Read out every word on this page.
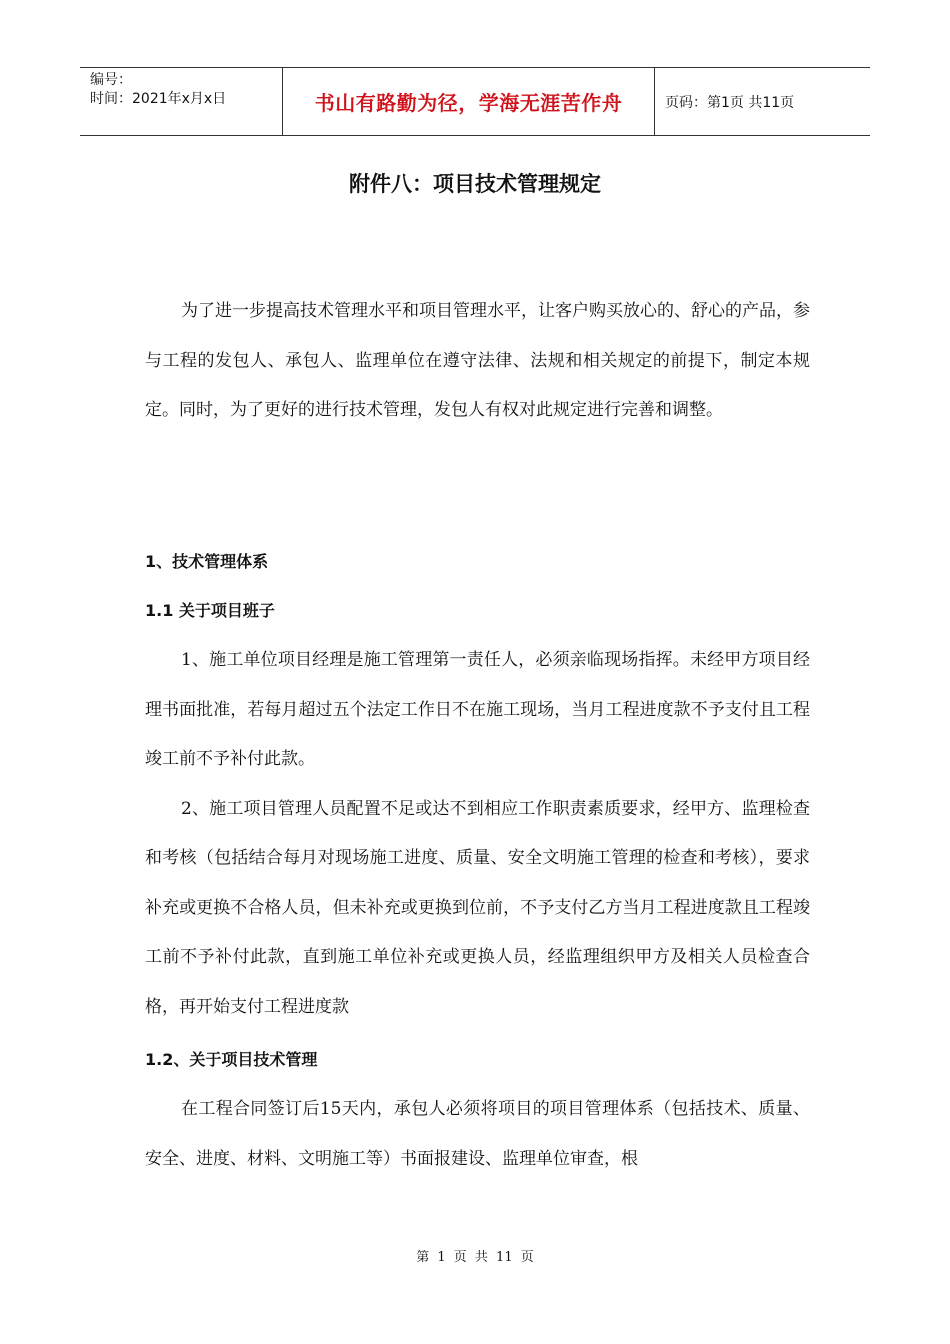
编号：
时间：2021年x月x日	书山有路勤为径，学海无涯苦作舟	页码：第1页 共11页
附件八：项目技术管理规定

为了进一步提高技术管理水平和项目管理水平，让客户购买放心的、舒心的产品，参与工程的发包人、承包人、监理单位在遵守法律、法规和相关规定的前提下，制定本规定。同时，为了更好的进行技术管理，发包人有权对此规定进行完善和调整。

1、技术管理体系
1.1 关于项目班子

1、施工单位项目经理是施工管理第一责任人，必须亲临现场指挥。未经甲方项目经理书面批准，若每月超过五个法定工作日不在施工现场，当月工程进度款不予支付且工程竣工前不予补付此款。

2、施工项目管理人员配置不足或达不到相应工作职责素质要求，经甲方、监理检查和考核（包括结合每月对现场施工进度、质量、安全文明施工管理的检查和考核），要求补充或更换不合格人员，但未补充或更换到位前，不予支付乙方当月工程进度款且工程竣工前不予补付此款，直到施工单位补充或更换人员，经监理组织甲方及相关人员检查合格，再开始支付工程进度款

1.2、关于项目技术管理

在工程合同签订后15天内，承包人必须将项目的项目管理体系（包括技术、质量、安全、进度、材料、文明施工等）书面报建设、监理单位审查，根

第 1 页 共 11 页
